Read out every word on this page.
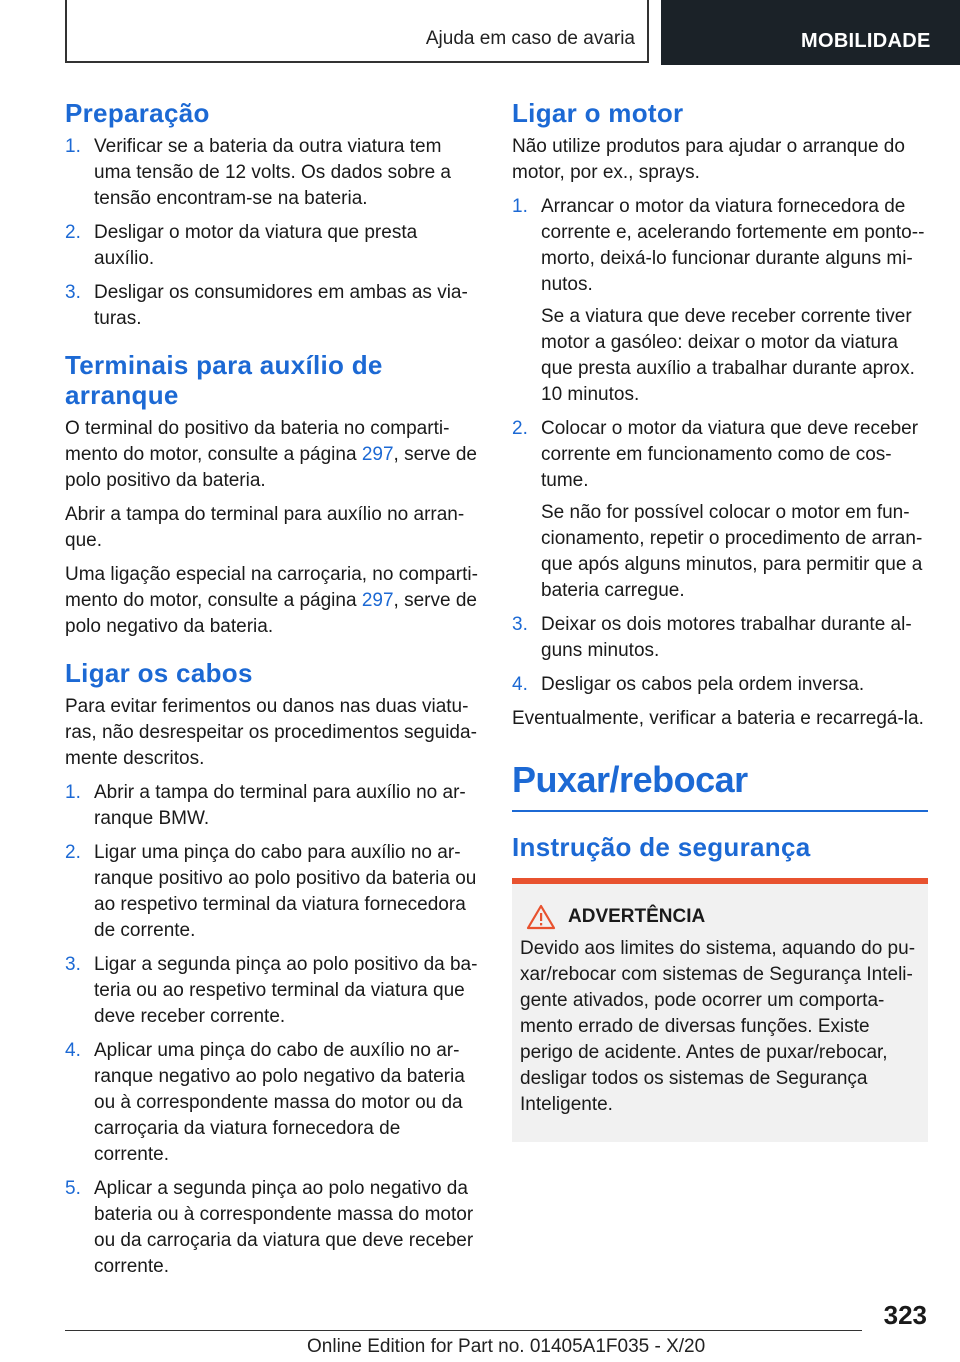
Ajuda em caso de avaria	MOBILIDADE
Preparação
1. Verificar se a bateria da outra viatura tem uma tensão de 12 volts. Os dados sobre a tensão encontram-se na bateria.

2. Desligar o motor da viatura que presta auxílio.

3. Desligar os consumidores em ambas as viaturas.

Terminais para auxílio de arranque

O terminal do positivo da bateria no compartimento do motor, consulte a página 297, serve de polo positivo da bateria.

Abrir a tampa do terminal para auxílio no arranque.

Uma ligação especial na carroçaria, no compartimento do motor, consulte a página 297, serve de polo negativo da bateria.

Ligar os cabos

Para evitar ferimentos ou danos nas duas viaturas, não desrespeitar os procedimentos seguidamente descritos.

1. Abrir a tampa do terminal para auxílio no arranque BMW.

2. Ligar uma pinça do cabo para auxílio no arranque positivo ao polo positivo da bateria ou ao respetivo terminal da viatura fornecedora de corrente.

3. Ligar a segunda pinça ao polo positivo da bateria ou ao respetivo terminal da viatura que deve receber corrente.

4. Aplicar uma pinça do cabo de auxílio no arranque negativo ao polo negativo da bateria ou à correspondente massa do motor ou da carroçaria da viatura fornecedora de corrente.

5. Aplicar a segunda pinça ao polo negativo da bateria ou à correspondente massa do motor ou da carroçaria da viatura que deve receber corrente.

Ligar o motor

Não utilize produtos para ajudar o arranque do motor, por ex., sprays.

1. Arrancar o motor da viatura fornecedora de corrente e, acelerando fortemente em ponto-morto, deixá-lo funcionar durante alguns minutos.

Se a viatura que deve receber corrente tiver motor a gasóleo: deixar o motor da viatura que presta auxílio a trabalhar durante aprox. 10 minutos.

2. Colocar o motor da viatura que deve receber corrente em funcionamento como de costume.

Se não for possível colocar o motor em funcionamento, repetir o procedimento de arranque após alguns minutos, para permitir que a bateria carregue.

3. Deixar os dois motores trabalhar durante alguns minutos.

4. Desligar os cabos pela ordem inversa.

Eventualmente, verificar a bateria e recarregá-la.

Puxar/rebocar
Instrução de segurança
ADVERTÊNCIA

Devido aos limites do sistema, aquando do puxar/rebocar com sistemas de Segurança Inteligente ativados, pode ocorrer um comportamento errado de diversas funções. Existe perigo de acidente. Antes de puxar/rebocar, desligar todos os sistemas de Segurança Inteligente.

323
Online Edition for Part no. 01405A1F035 - X/20
